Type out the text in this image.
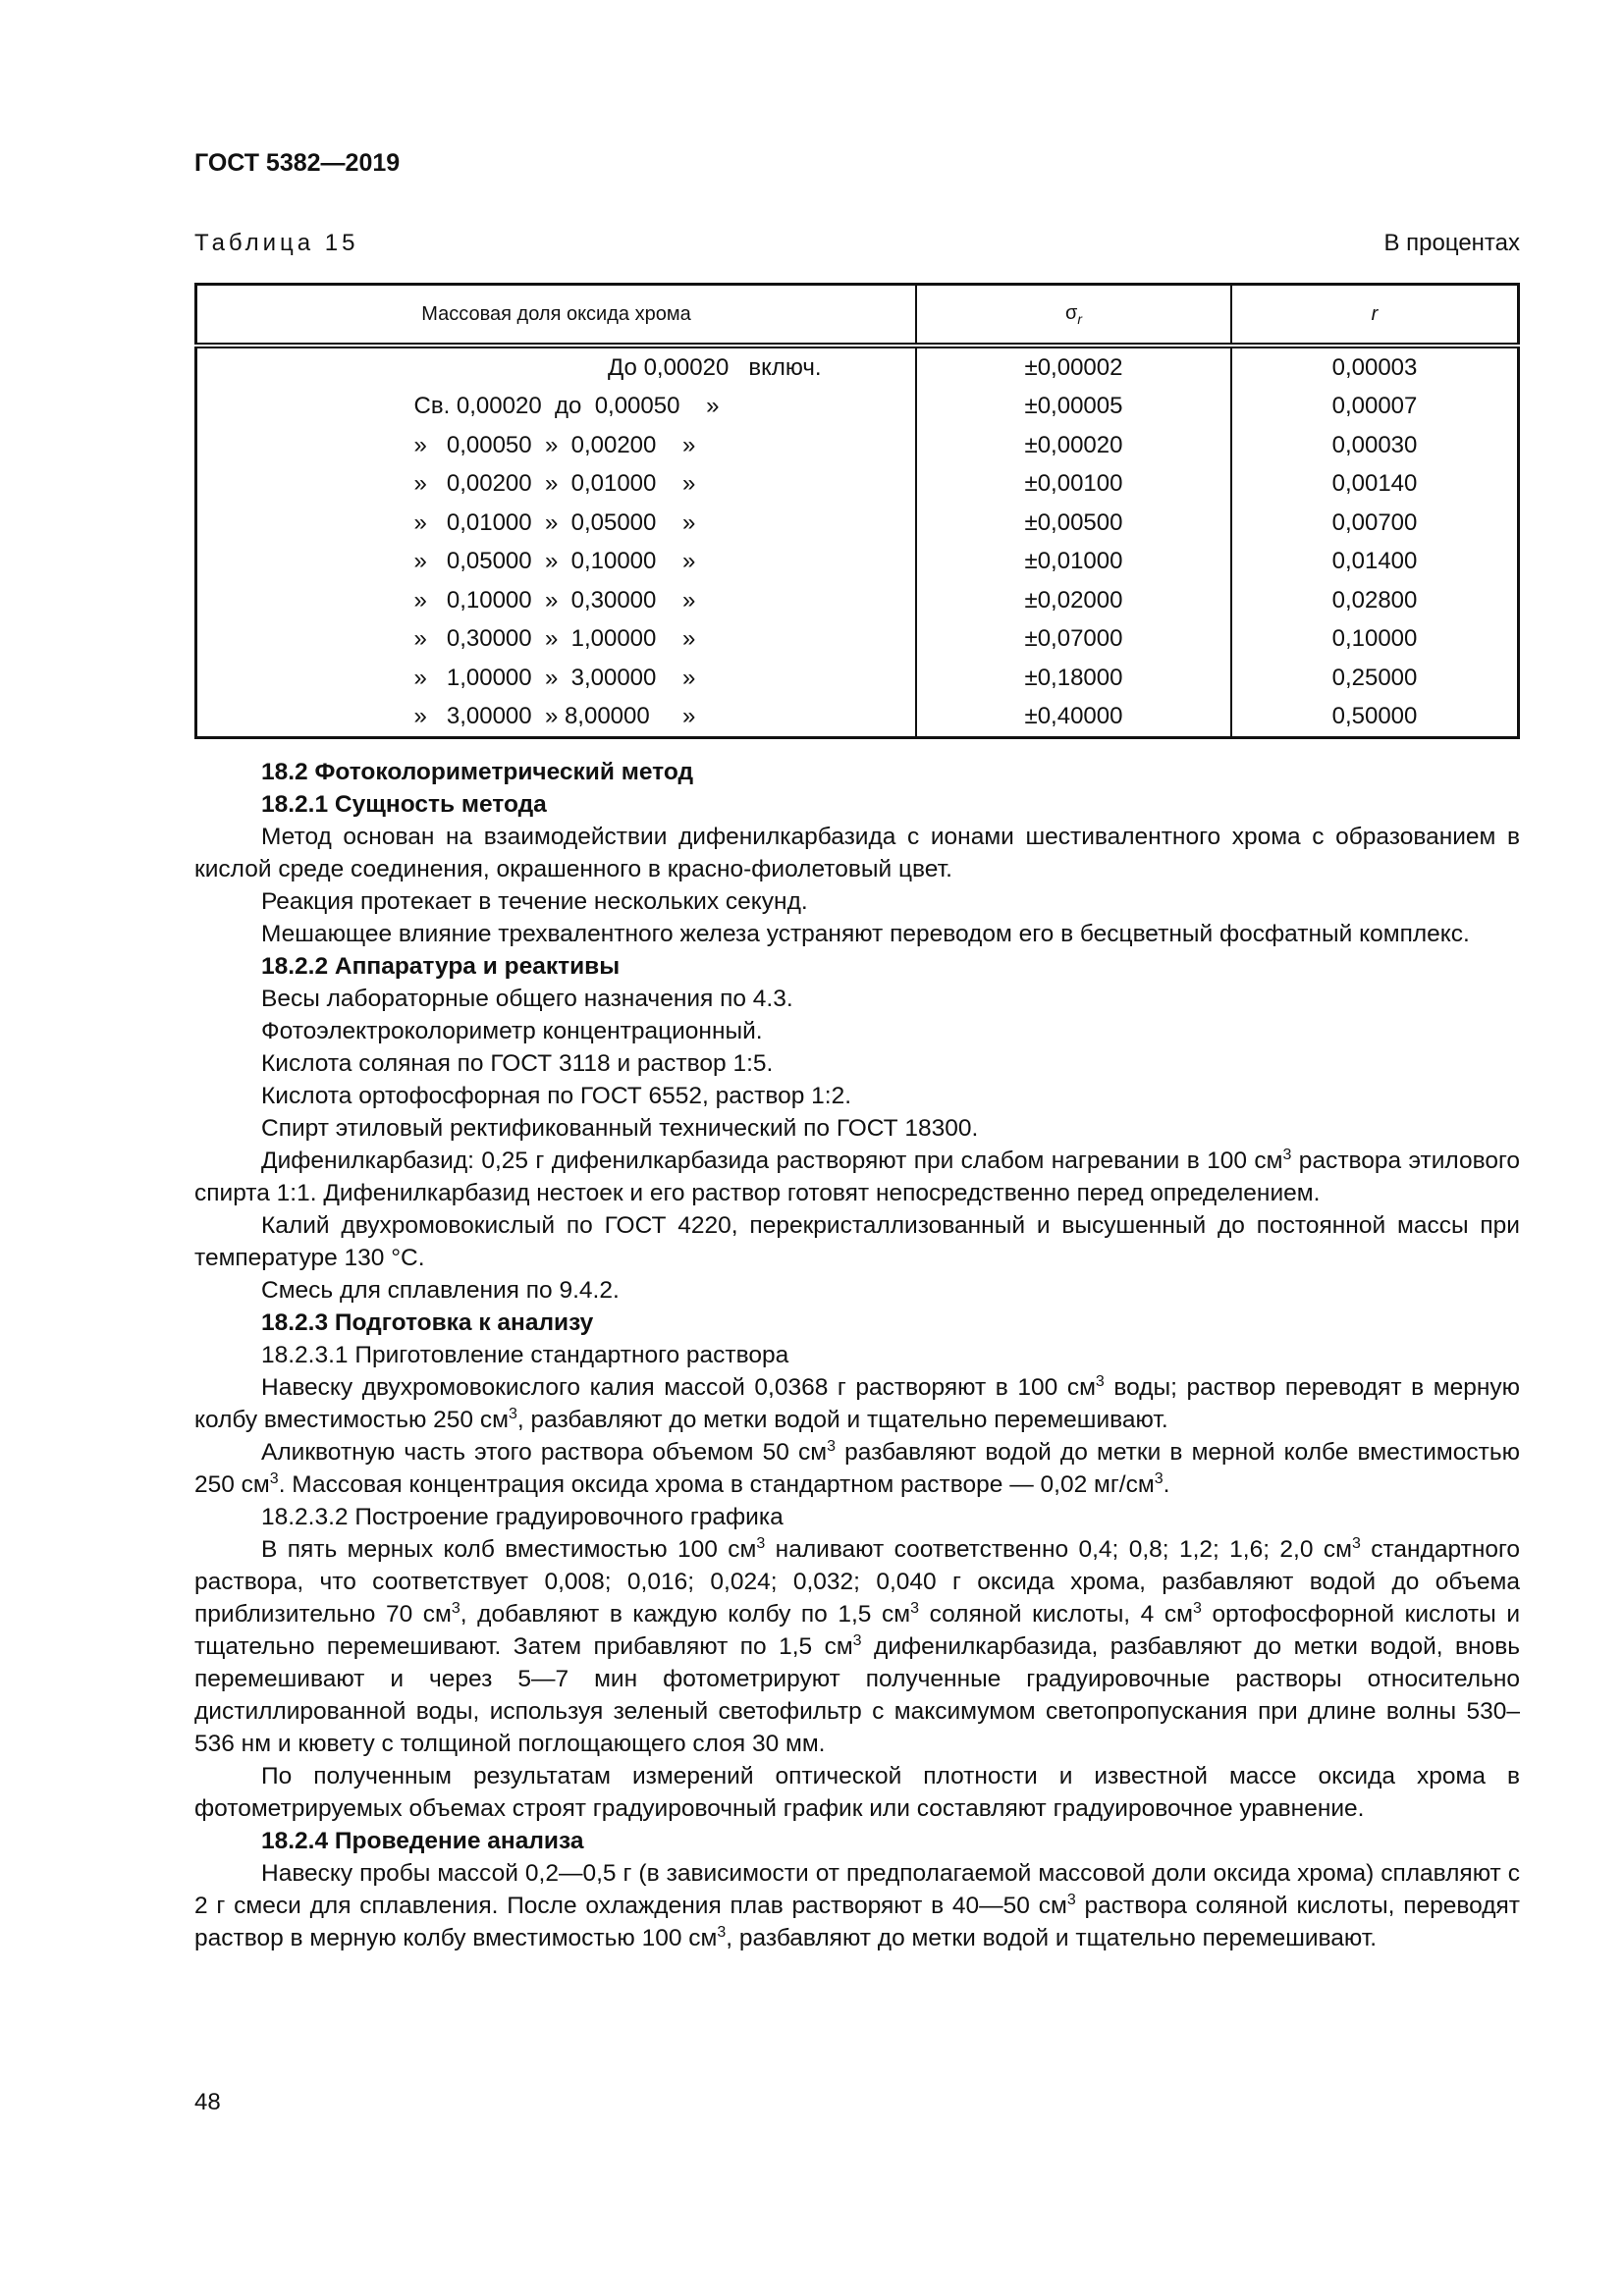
ГОСТ 5382—2019
Таблица 15	В процентах
Массовая доля оксида хрома	$\sigma_r$	r
До 0,00020   включ.	±0,00002	0,00003
Св. 0,00020  до  0,00050    »	±0,00005	0,00007
»   0,00050  »  0,00200    »	±0,00020	0,00030
»   0,00200  »  0,01000    »	±0,00100	0,00140
»   0,01000  »  0,05000    »	±0,00500	0,00700
»   0,05000  »  0,10000    »	±0,01000	0,01400
»   0,10000  »  0,30000    »	±0,02000	0,02800
»   0,30000  »  1,00000    »	±0,07000	0,10000
»   1,00000  »  3,00000    »	±0,18000	0,25000
»   3,00000  » 8,00000     »	±0,40000	0,50000

18.2 Фотоколориметрический метод

18.2.1 Сущность метода

Метод основан на взаимодействии дифенилкарбазида с ионами шестивалентного хрома с образованием в кислой среде соединения, окрашенного в красно-фиолетовый цвет.

Реакция протекает в течение нескольких секунд.

Мешающее влияние трехвалентного железа устраняют переводом его в бесцветный фосфатный комплекс.

18.2.2 Аппаратура и реактивы

Весы лабораторные общего назначения по 4.3.

Фотоэлектроколориметр концентрационный.

Кислота соляная по ГОСТ 3118 и раствор 1:5.

Кислота ортофосфорная по ГОСТ 6552, раствор 1:2.

Спирт этиловый ректификованный технический по ГОСТ 18300.

Дифенилкарбазид: 0,25 г дифенилкарбазида растворяют при слабом нагревании в 100 $см^3$ раствора этилового спирта 1:1. Дифенилкарбазид нестоек и его раствор готовят непосредственно перед определением.

Калий двухромовокислый по ГОСТ 4220, перекристаллизованный и высушенный до постоянной массы при температуре 130 °С.

Смесь для сплавления по 9.4.2.

18.2.3 Подготовка к анализу

18.2.3.1 Приготовление стандартного раствора

Навеску двухромовокислого калия массой 0,0368 г растворяют в 100 $см^3$ воды; раствор переводят в мерную колбу вместимостью 250 $см^3$, разбавляют до метки водой и тщательно перемешивают.

Аликвотную часть этого раствора объемом 50 $см^3$ разбавляют водой до метки в мерной колбе вместимостью 250 $см^3$. Массовая концентрация оксида хрома в стандартном растворе — 0,02 $мг/см^3$.

18.2.3.2 Построение градуировочного графика

В пять мерных колб вместимостью 100 $см^3$ наливают соответственно 0,4; 0,8; 1,2; 1,6; 2,0 $см^3$ стандартного раствора, что соответствует 0,008; 0,016; 0,024; 0,032; 0,040 г оксида хрома, разбавляют водой до объема приблизительно 70 $см^3$, добавляют в каждую колбу по 1,5 $см^3$ соляной кислоты, 4 $см^3$ ортофосфорной кислоты и тщательно перемешивают. Затем прибавляют по 1,5 $см^3$ дифенилкарбазида, разбавляют до метки водой, вновь перемешивают и через 5—7 мин фотометрируют полученные градуировочные растворы относительно дистиллированной воды, используя зеленый светофильтр с максимумом светопропускания при длине волны 530–536 нм и кювету с толщиной поглощающего слоя 30 мм.

По полученным результатам измерений оптической плотности и известной массе оксида хрома в фотометрируемых объемах строят градуировочный график или составляют градуировочное уравнение.

18.2.4 Проведение анализа

Навеску пробы массой 0,2—0,5 г (в зависимости от предполагаемой массовой доли оксида хрома) сплавляют с 2 г смеси для сплавления. После охлаждения плав растворяют в 40—50 $см^3$ раствора соляной кислоты, переводят раствор в мерную колбу вместимостью 100 $см^3$, разбавляют до метки водой и тщательно перемешивают.

48
